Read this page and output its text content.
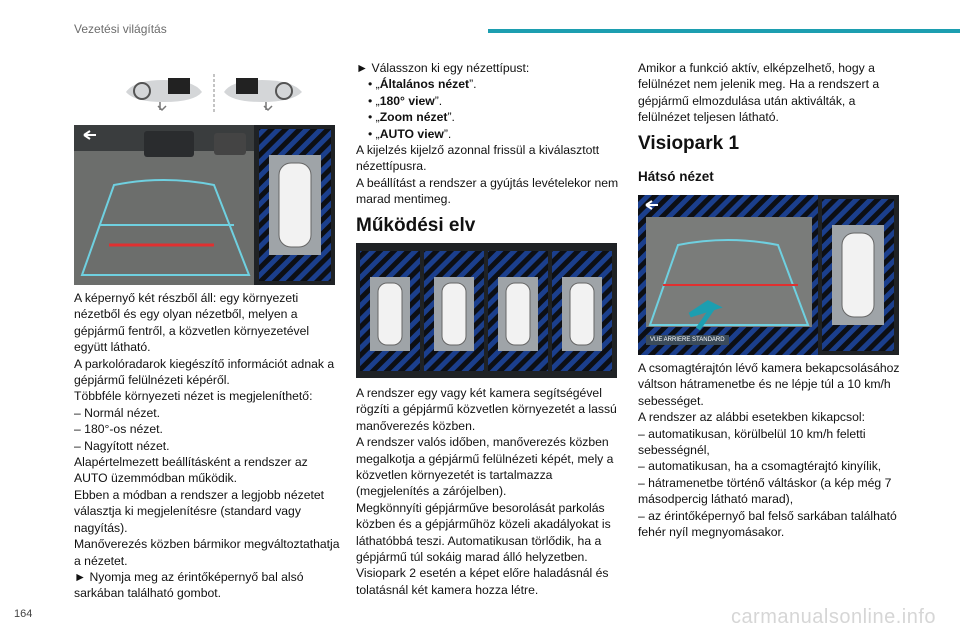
Vezetési világítás

A képernyő két részből áll: egy környezeti nézetből és egy olyan nézetből, melyen a gépjármű fentről, a közvetlen környezetével együtt látható.

A parkolóradarok kiegészítő információt adnak a gépjármű felülnézeti képéről.

Többféle környezeti nézet is megjeleníthető:

– Normál nézet.

– 180°-os nézet.

– Nagyított nézet.

Alapértelmezett beállításként a rendszer az AUTO üzemmódban működik.

Ebben a módban a rendszer a legjobb nézetet választja ki megjelenítésre (standard vagy nagyítás).

Manőverezés közben bármikor megváltoztathatja a nézetet.

► Nyomja meg az érintőképernyő bal alsó sarkában található gombot.

► Válasszon ki egy nézettípust:

• „Általános nézet”.
• „180° view”.
• „Zoom nézet”.
• „AUTO view”.

A kijelzés kijelző azonnal frissül a kiválasztott nézettípusra.

A beállítást a rendszer a gyújtás levételekor nem marad mentimeg.

Működési elv

A rendszer egy vagy két kamera segítségével rögzíti a gépjármű közvetlen környezetét a lassú manőverezés közben.

A rendszer valós időben, manőverezés közben megalkotja a gépjármű felülnézeti képét, mely a közvetlen környezetét is tartalmazza (megjelenítés a zárójelben).

Megkönnyíti gépjárműve besorolását parkolás közben és a gépjárműhöz közeli akadályokat is láthatóbbá teszi. Automatikusan törlődik, ha a gépjármű túl sokáig marad álló helyzetben.

Visiopark 2 esetén a képet előre haladásnál és tolatásnál két kamera hozza létre.

Amikor a funkció aktív, elképzelhető, hogy a felülnézet nem jelenik meg. Ha a rendszert a gépjármű elmozdulása után aktiválták, a felülnézet teljesen látható.

Visiopark 1
Hátsó nézet
VUE ARRIERE STANDARD

A csomagtérajtón lévő kamera bekapcsolásához váltson hátramenetbe és ne lépje túl a 10 km/h sebességet.

A rendszer az alábbi esetekben kikapcsol:

– automatikusan, körülbelül 10 km/h feletti sebességnél,

– automatikusan, ha a csomagtérajtó kinyílik,

– hátramenetbe történő váltáskor (a kép még 7 másodpercig látható marad),

– az érintőképernyő bal felső sarkában található fehér nyíl megnyomásakor.

164	carmanualsonline.info
